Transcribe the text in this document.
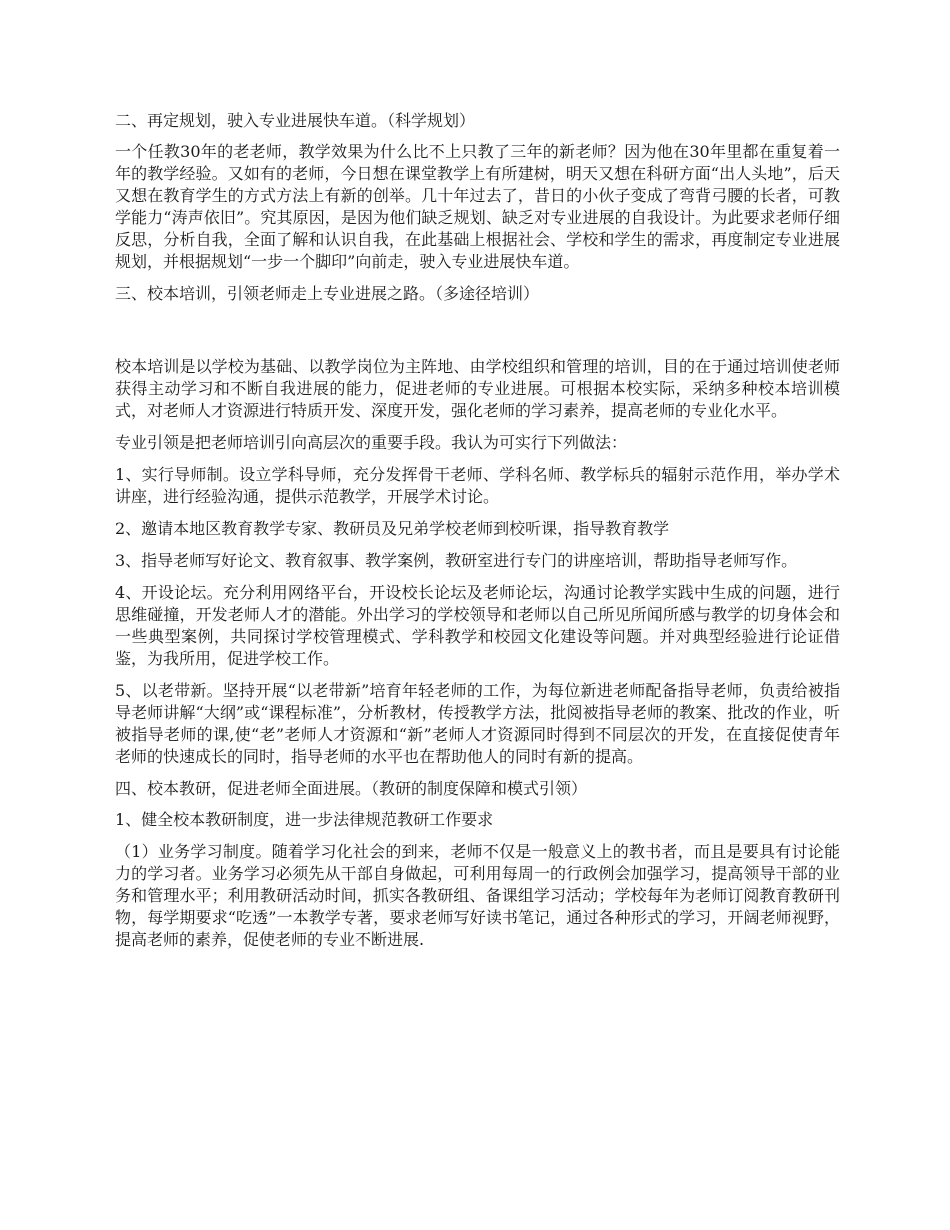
二、再定规划，驶入专业进展快车道。（科学规划）

一个任教30年的老老师，教学效果为什么比不上只教了三年的新老师？因为他在30年里都在重复着一年的教学经验。又如有的老师，今日想在课堂教学上有所建树，明天又想在科研方面“出人头地”，后天又想在教育学生的方式方法上有新的创举。几十年过去了，昔日的小伙子变成了弯背弓腰的长者，可教学能力“涛声依旧”。究其原因，是因为他们缺乏规划、缺乏对专业进展的自我设计。为此要求老师仔细反思，分析自我，全面了解和认识自我，在此基础上根据社会、学校和学生的需求，再度制定专业进展规划，并根据规划“一步一个脚印”向前走，驶入专业进展快车道。

三、校本培训，引领老师走上专业进展之路。（多途径培训）

校本培训是以学校为基础、以教学岗位为主阵地、由学校组织和管理的培训，目的在于通过培训使老师获得主动学习和不断自我进展的能力，促进老师的专业进展。可根据本校实际，采纳多种校本培训模式，对老师人才资源进行特质开发、深度开发，强化老师的学习素养，提高老师的专业化水平。

专业引领是把老师培训引向高层次的重要手段。我认为可实行下列做法：

1、实行导师制。设立学科导师，充分发挥骨干老师、学科名师、教学标兵的辐射示范作用，举办学术讲座，进行经验沟通，提供示范教学，开展学术讨论。

2、邀请本地区教育教学专家、教研员及兄弟学校老师到校听课，指导教育教学

3、指导老师写好论文、教育叙事、教学案例，教研室进行专门的讲座培训，帮助指导老师写作。

4、开设论坛。充分利用网络平台，开设校长论坛及老师论坛，沟通讨论教学实践中生成的问题，进行思维碰撞，开发老师人才的潜能。外出学习的学校领导和老师以自己所见所闻所感与教学的切身体会和一些典型案例，共同探讨学校管理模式、学科教学和校园文化建设等问题。并对典型经验进行论证借鉴，为我所用，促进学校工作。

5、以老带新。坚持开展“以老带新”培育年轻老师的工作，为每位新进老师配备指导老师，负责给被指导老师讲解“大纲”或“课程标准”，分析教材，传授教学方法，批阅被指导老师的教案、批改的作业，听被指导老师的课,使“老”老师人才资源和“新”老师人才资源同时得到不同层次的开发，在直接促使青年老师的快速成长的同时，指导老师的水平也在帮助他人的同时有新的提高。

四、校本教研，促进老师全面进展。（教研的制度保障和模式引领）

1、健全校本教研制度，进一步法律规范教研工作要求

（1）业务学习制度。随着学习化社会的到来，老师不仅是一般意义上的教书者，而且是要具有讨论能力的学习者。业务学习必须先从干部自身做起，可利用每周一的行政例会加强学习，提高领导干部的业务和管理水平；利用教研活动时间，抓实各教研组、备课组学习活动；学校每年为老师订阅教育教研刊物，每学期要求“吃透”一本教学专著，要求老师写好读书笔记，通过各种形式的学习，开阔老师视野，提高老师的素养，促使老师的专业不断进展.
